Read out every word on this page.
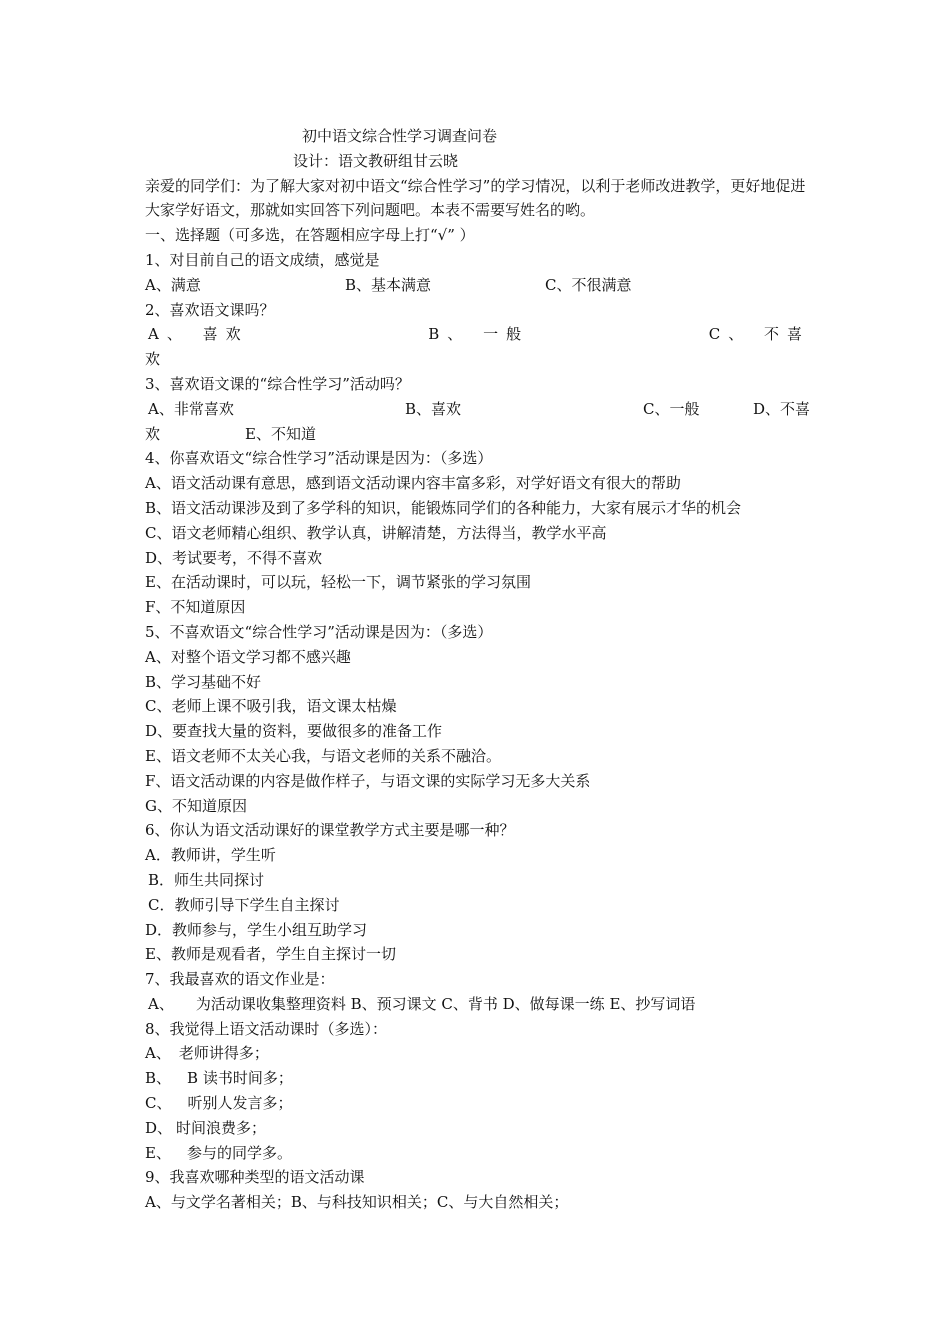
初中语文综合性学习调查问卷
设计：语文教研组甘云晓
亲爱的同学们：为了解大家对初中语文“综合性学习”的学习情况，以利于老师改进教学，更好地促进大家学好语文，那就如实回答下列问题吧。本表不需要写姓名的哟。
一、选择题（可多选，在答题相应字母上打“√” ）
1、对目前自己的语文成绩，感觉是
A、满意	B、基本满意	C、不很满意
2、喜欢语文课吗？
A、 喜欢	B、 一般	C、 不喜
欢
3、喜欢语文课的“综合性学习”活动吗？
A、非常喜欢	B、喜欢	C、一般	D、不喜
欢	E、不知道
4、你喜欢语文“综合性学习”活动课是因为：（多选）
A、语文活动课有意思，感到语文活动课内容丰富多彩，对学好语文有很大的帮助
B、语文活动课涉及到了多学科的知识，能锻炼同学们的各种能力，大家有展示才华的机会
C、语文老师精心组织、教学认真，讲解清楚，方法得当，教学水平高
D、考试要考，不得不喜欢
E、在活动课时，可以玩，轻松一下，调节紧张的学习氛围
F、不知道原因
5、不喜欢语文“综合性学习”活动课是因为：（多选）
A、对整个语文学习都不感兴趣
B、学习基础不好
C、老师上课不吸引我，语文课太枯燥
D、要查找大量的资料，要做很多的准备工作
E、语文老师不太关心我，与语文老师的关系不融洽。
F、语文活动课的内容是做作样子，与语文课的实际学习无多大关系
G、不知道原因
6、你认为语文活动课好的课堂教学方式主要是哪一种？
A．教师讲，学生听
B．师生共同探讨
C．教师引导下学生自主探讨
D．教师参与，学生小组互助学习
E、教师是观看者，学生自主探讨一切
7、我最喜欢的语文作业是：
A、 为活动课收集整理资料 B、预习课文 C、背书 D、做每课一练 E、抄写词语
8、我觉得上语文活动课时（多选）：
A、 老师讲得多；
B、 B 读书时间多；
C、 听别人发言多；
D、 时间浪费多；
E、 参与的同学多。
9、我喜欢哪种类型的语文活动课
A、与文学名著相关；B、与科技知识相关；C、与大自然相关；
